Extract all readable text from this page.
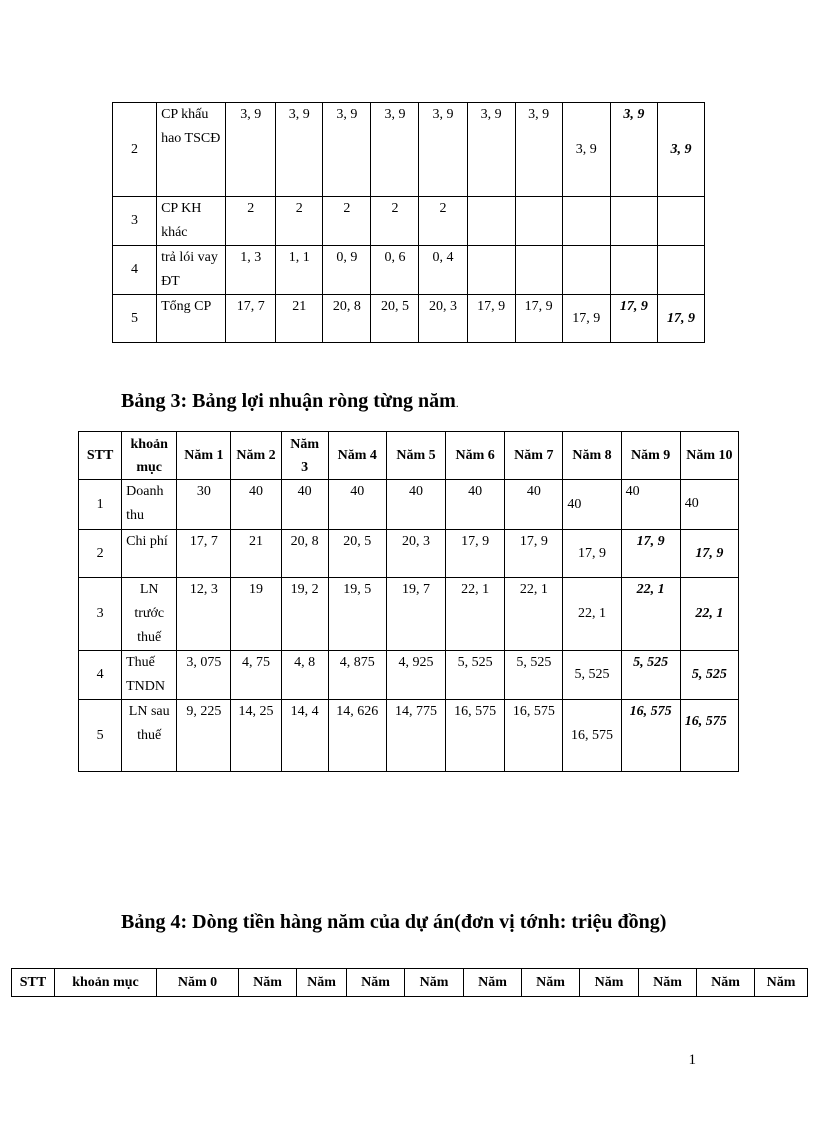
2	CP khấu hao TSCĐ	3, 9	3, 9	3, 9	3, 9	3, 9	3, 9	3, 9	3, 9	3, 9	3, 9
3	CP KH khác	2	2	2	2	2					
4	trả lói vay ĐT	1, 3	1, 1	0, 9	0, 6	0, 4					
5	Tổng CP	17, 7	21	20, 8	20, 5	20, 3	17, 9	17, 9	17, 9	17, 9	17, 9
Bảng 3: Bảng lợi nhuận ròng từng năm.
STT	khoản mục	Năm 1	Năm 2	Năm 3	Năm 4	Năm 5	Năm 6	Năm 7	Năm 8	Năm 9	Năm 10
1	Doanh thu	30	40	40	40	40	40	40	40	40	40
2	Chi phí	17, 7	21	20, 8	20, 5	20, 3	17, 9	17, 9	17, 9	17, 9	17, 9
3	LN trước thuế	12, 3	19	19, 2	19, 5	19, 7	22, 1	22, 1	22, 1	22, 1	22, 1
4	Thuế TNDN	3, 075	4, 75	4, 8	4, 875	4, 925	5, 525	5, 525	5, 525	5, 525	5, 525
5	LN sau thuế	9, 225	14, 25	14, 4	14, 626	14, 775	16, 575	16, 575	16, 575	16, 575	16, 575
Bảng 4: Dòng tiền hàng năm của dự án(đơn vị tớnh: triệu đồng)
STT	khoản mục	Năm 0	Năm	Năm	Năm	Năm	Năm	Năm	Năm	Năm	Năm	Năm
1
